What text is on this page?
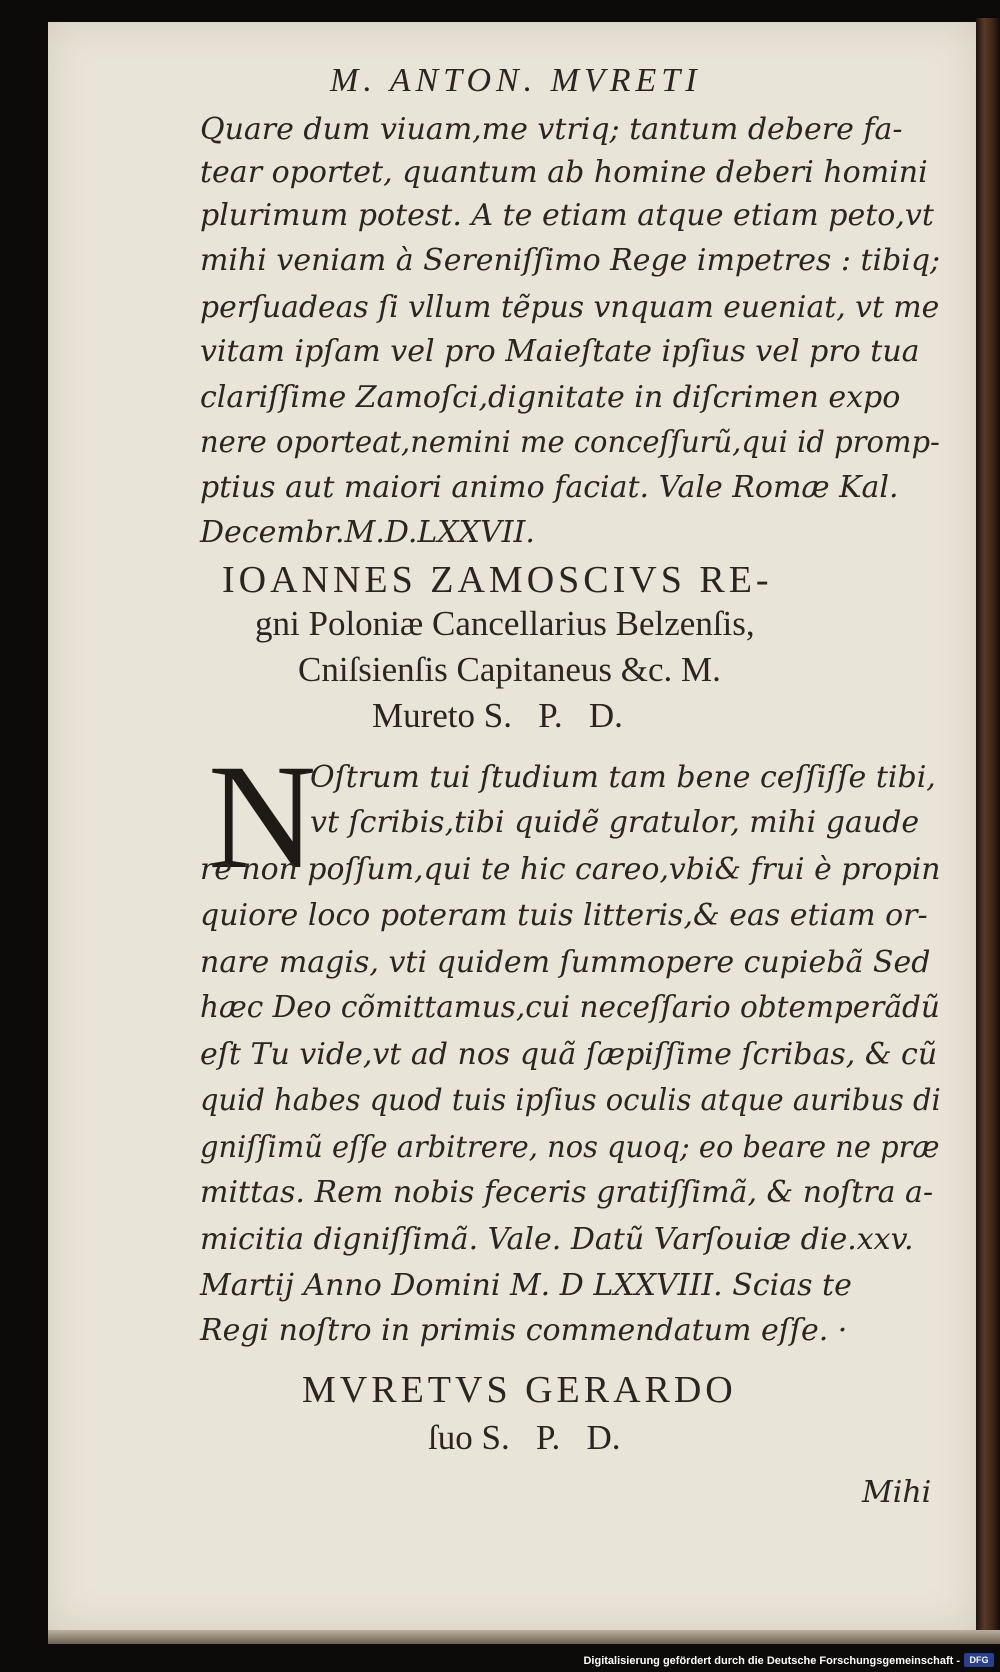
M. ANTON. MVRETI
Quare dum viuam,me vtriq; tantum debere fa-
tear oportet, quantum ab homine deberi homini
plurimum potest. A te etiam atque etiam peto,vt
mihi veniam à Sereniſſimo Rege impetres : tibiq;
perſuadeas ſi vllum tẽpus vnquam eueniat, vt me
vitam ipſam vel pro Maieſtate ipſius vel pro tua
clariſſime Zamoſci,dignitate in diſcrimen expo
nere oporteat,nemini me conceſſurũ,qui id promp-
ptius aut maiori animo faciat. Vale Romæ Kal.
Decembr.M.D.LXXVII.
IOANNES ZAMOSCIVS RE-
gni Poloniæ Cancellarius Belzenſis,
Cniſsienſis Capitaneus &c. M.
Mureto S.   P.   D.
N
Oſtrum tui ſtudium tam bene ceſſiſſe tibi,
vt ſcribis,tibi quidẽ gratulor, mihi gaude
re non poſſum,qui te hic careo,vbi& frui è propin
quiore loco poteram tuis litteris,& eas etiam or-
nare magis, vti quidem ſummopere cupiebã Sed
hæc Deo cõmittamus,cui neceſſario obtemperãdũ
eſt Tu vide,vt ad nos quã ſæpiſſime ſcribas, & cũ
quid habes quod tuis ipſius oculis atque auribus di
gniſſimũ eſſe arbitrere, nos quoq; eo beare ne præ
mittas. Rem nobis feceris gratiſſimã, & noſtra a-
micitia digniſſimã. Vale. Datũ Varſouiæ die.xxv.
Martij Anno Domini M. D LXXVIII. Scias te
Regi noſtro in primis commendatum eſſe. ·
MVRETVS GERARDO
ſuo S.   P.   D.
Mihi
Digitalisierung gefördert durch die Deutsche Forschungsgemeinschaft -	DFG
